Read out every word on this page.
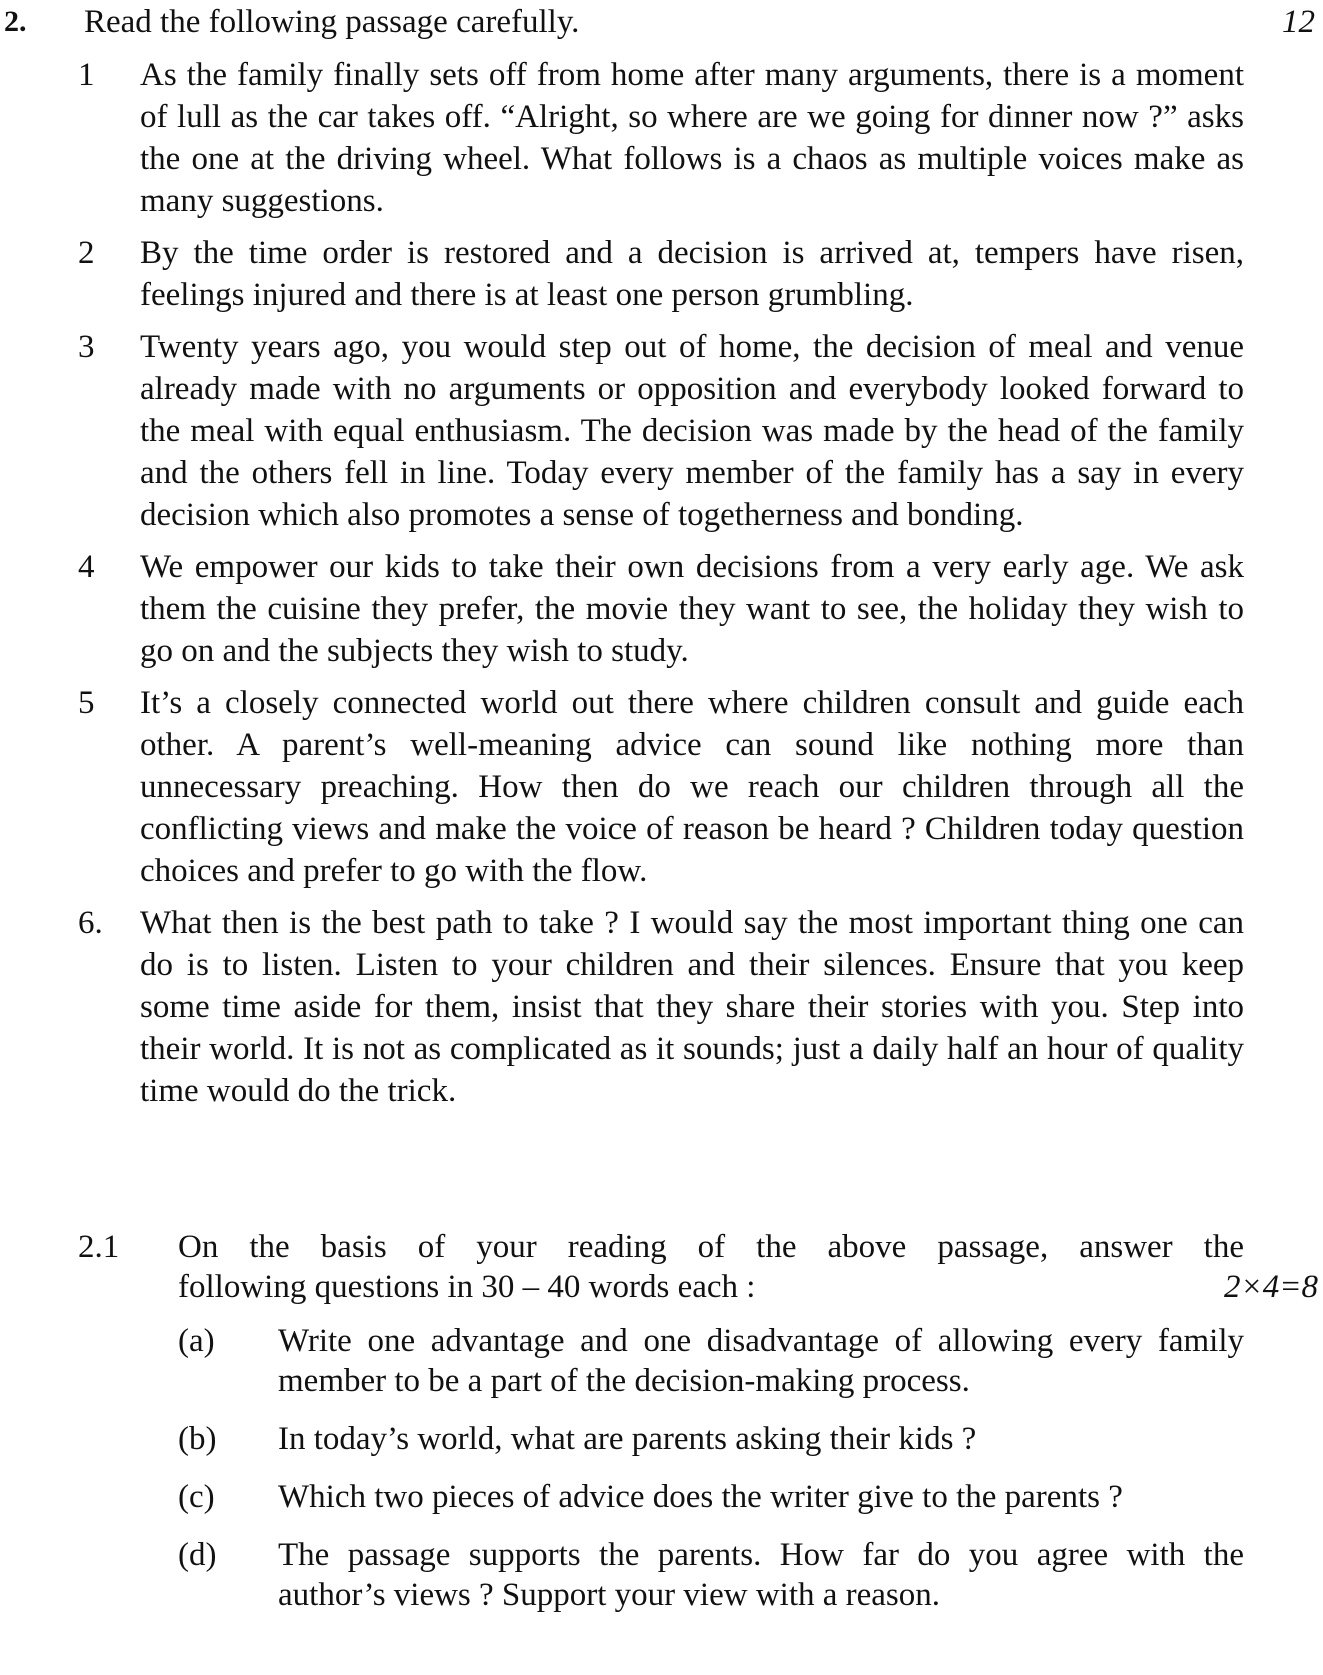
2. Read the following passage carefully.	12
1	As the family finally sets off from home after many arguments, there is a moment of lull as the car takes off. “Alright, so where are we going for dinner now ?” asks the one at the driving wheel. What follows is a chaos as multiple voices make as many suggestions.
2	By the time order is restored and a decision is arrived at, tempers have risen, feelings injured and there is at least one person grumbling.
3	Twenty years ago, you would step out of home, the decision of meal and venue already made with no arguments or opposition and everybody looked forward to the meal with equal enthusiasm. The decision was made by the head of the family and the others fell in line. Today every member of the family has a say in every decision which also promotes a sense of togetherness and bonding.
4	We empower our kids to take their own decisions from a very early age. We ask them the cuisine they prefer, the movie they want to see, the holiday they wish to go on and the subjects they wish to study.
5	It’s a closely connected world out there where children consult and guide each other. A parent’s well-meaning advice can sound like nothing more than unnecessary preaching. How then do we reach our children through all the conflicting views and make the voice of reason be heard ? Children today question choices and prefer to go with the flow.
6.	What then is the best path to take ? I would say the most important thing one can do is to listen. Listen to your children and their silences. Ensure that you keep some time aside for them, insist that they share their stories with you. Step into their world. It is not as complicated as it sounds; just a daily half an hour of quality time would do the trick.
2.1	On the basis of your reading of the above passage, answer the
following questions in 30 – 40 words each :	2×4=8
(a)	Write one advantage and one disadvantage of allowing every family member to be a part of the decision-making process.
(b)	In today’s world, what are parents asking their kids ?
(c)	Which two pieces of advice does the writer give to the parents ?
(d)	The passage supports the parents. How far do you agree with the author’s views ? Support your view with a reason.
